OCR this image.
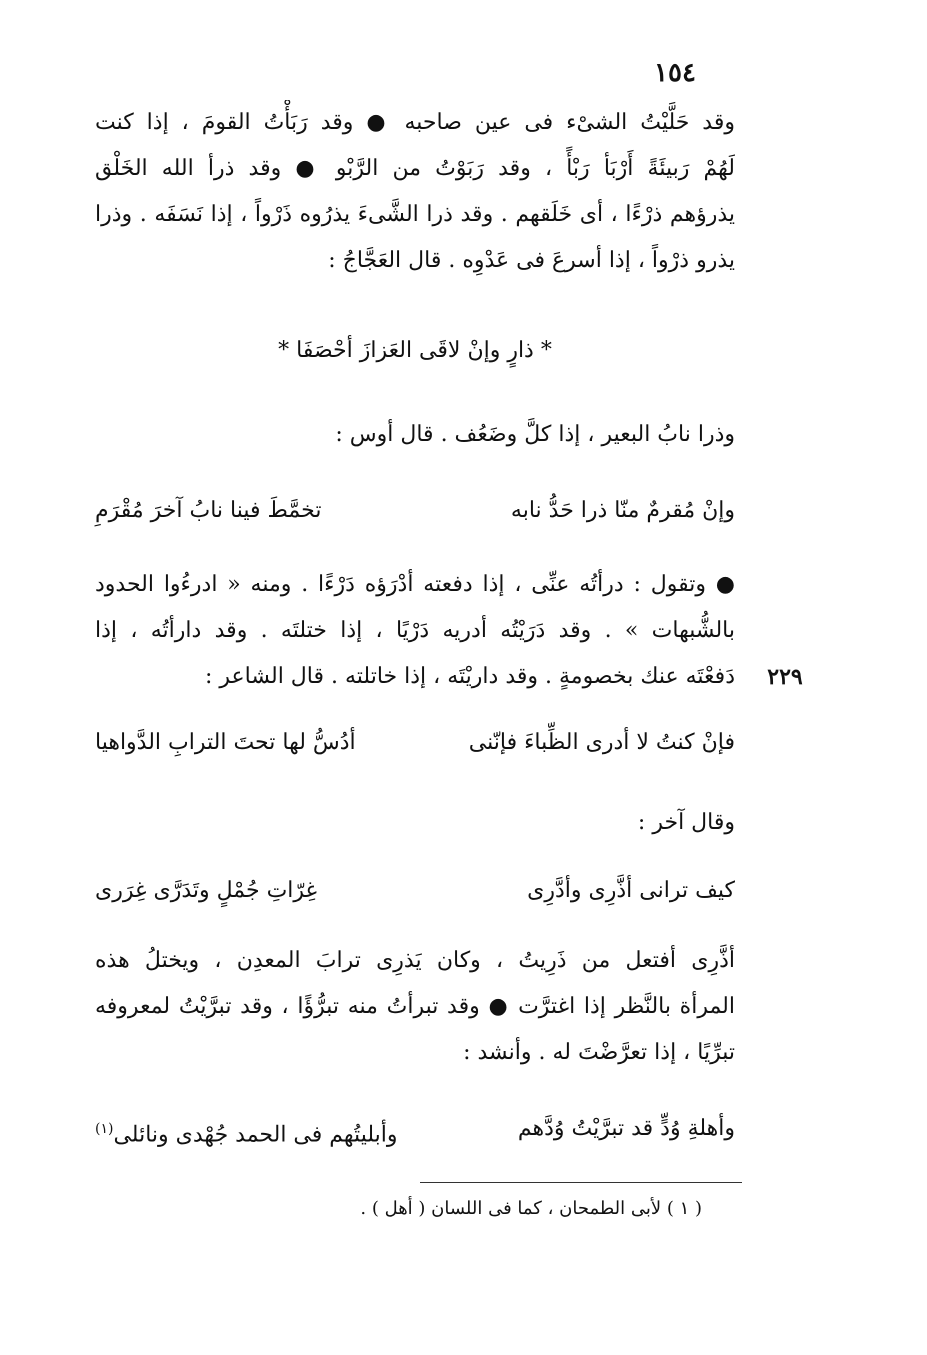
١٥٤
وقد حَلَّيْتُ الشىْء فى عين صاحبه ● وقد رَبَأْتُ القومَ ، إذا كنت
لَهُمْ رَبيئَةً أَرْبَأ رَبْأً ، وقد رَبَوْتُ من الرَّبْو ● وقد ذرأ الله الخَلْق
يذرؤهم ذرْءًا ، أى خَلَقهم . وقد ذرا الشَّىءَ يذرُوه ذَرْواً ، إذا نَسَفَه . وذرا
يذرو ذرْواً ، إذا أسرعَ فى عَدْوِه . قال العَجَّاجُ :
* ذارٍ وإنْ لاقَى العَزازَ أحْصَفَا *
وذرا نابُ البعير ، إذا كلَّ وضَعُف . قال أوس :
وإنْ مُقرمٌ منّا ذرا حَدُّ نابه
تخمَّطَ فينا نابُ آخرَ مُقْرَمِ
● وتقول : درأتُه عنِّى ، إذا دفعته أدْرَؤه دَرْءًا . ومنه « ادرءُوا الحدود
بالشُّبهات » . وقد دَرَيْتُه أدريه دَرْيًا ، إذا ختلتَه . وقد دارأتُه ، إذا
دَفعْتَه عنك بخصومةٍ . وقد داريْتَه ، إذا خاتلته . قال الشاعر :	٢٢٩
فإنْ كنتُ لا أدرى الظِّباءَ فإنّنى
أدُسُّ لها تحتَ الترابِ الدَّواهيا
وقال آخر :
كيف ترانى أذَّرِى وأدَّرِى
غِرّاتِ جُمْلٍ وتَدَرَّى غِرَرى
أذَّرِى أفتعل من ذَرِيتُ ، وكان يَذرِى ترابَ المعدِن ، ويختلُ هذه
المرأة بالنَّظر إذا اغترَّت ● وقد تبرأتُ منه تبرُّؤًا ، وقد تبرَّيْتُ لمعروفه
تبرِّيًا ، إذا تعرَّضْتَ له . وأنشد :
وأهلةِ وُدٍّ قد تبرَّيْتُ وُدَّهم
وأبليتُهم فى الحمد جُهْدى ونائلى$^{(١)}$
( ١ ) لأبى الطمحان ، كما فى اللسان ( أهل ) .
